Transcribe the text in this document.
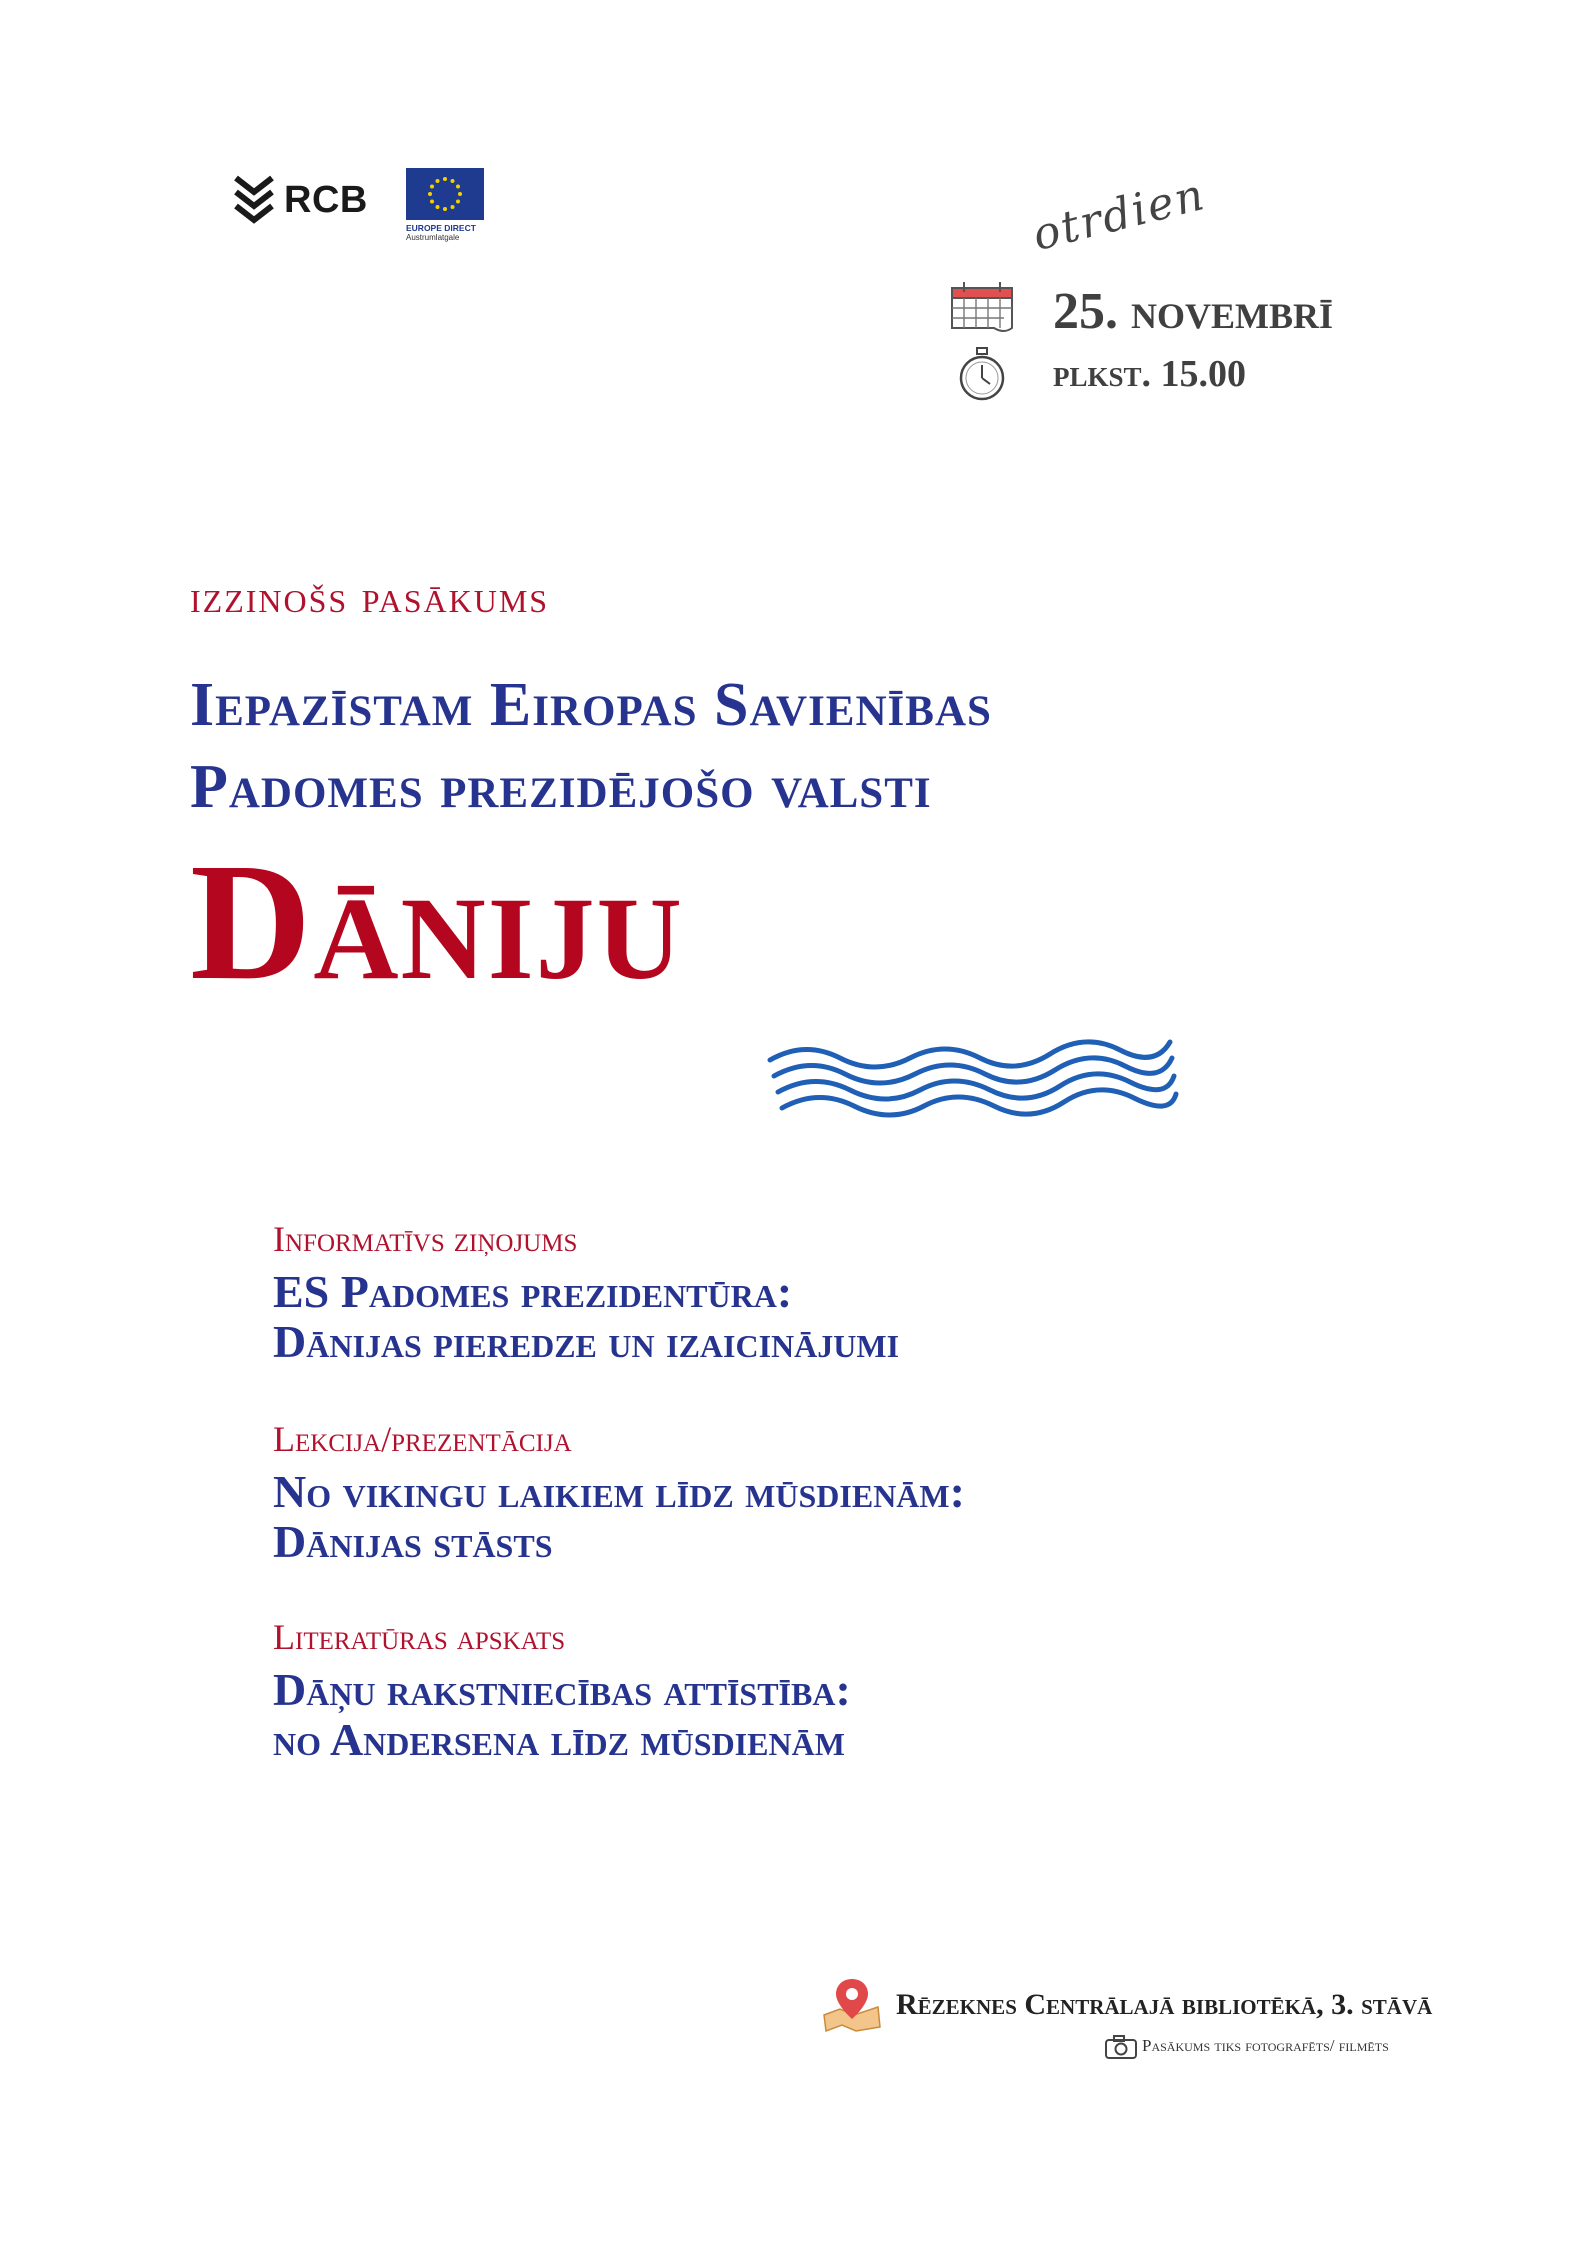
RCB
EUROPE DIRECT
Austrumlatgale	otrdien
25. novembrī
plkst. 15.00
izzinošs pasākums
Iepazīstam Eiropas Savienības
Padomes prezidējošo valsti
Dāniju
Informatīvs ziņojums
ES Padomes prezidentūra:
Dānijas pieredze un izaicinājumi
Lekcija/prezentācija
No vikingu laikiem līdz mūsdienām:
Dānijas stāsts
Literatūras apskats
Dāņu rakstniecības attīstība:
no Andersena līdz mūsdienām
Rēzeknes Centrālajā bibliotēkā, 3. stāvā
Pasākums tiks fotografēts/ filmēts
